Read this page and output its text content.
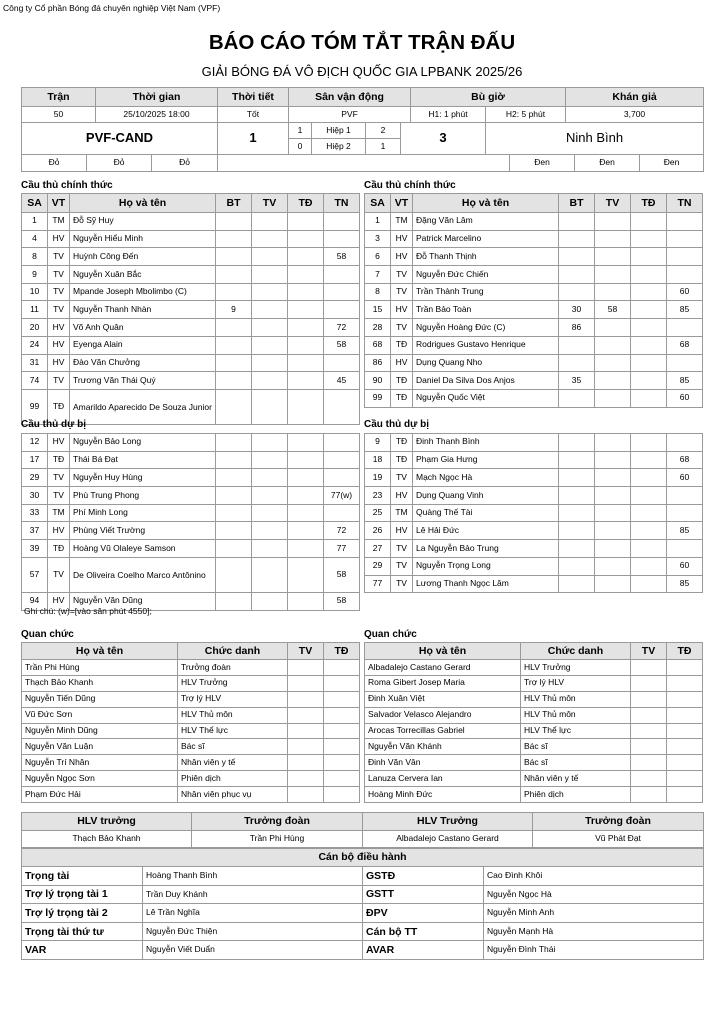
Công ty Cổ phần Bóng đá chuyên nghiệp Việt Nam (VPF)
BÁO CÁO TÓM TẮT TRẬN ĐẤU
GIẢI BÓNG ĐÁ VÔ ĐỊCH QUỐC GIA LPBANK 2025/26
Trận	Thời gian	Thời tiết	Sân vận động				Bù giờ		Khán giả
50	25/10/2025 18:00	Tốt	PVF				H1: 1 phút	H2: 5 phút	3,700
PVF-CAND		1	1	Hiệp 1	2	3		Ninh Bình	
			0	Hiệp 2	1				
Đỏ	Đỏ	Đỏ		Đen	Đen	Đen
Cầu thủ chính thức	Cầu thủ chính thức
SA	VT	Họ và tên	BT	TV	TĐ	TN
1	TM	Đỗ Sỹ Huy				
4	HV	Nguyễn Hiểu Minh				
8	TV	Huỳnh Công Đến				58
9	TV	Nguyễn Xuân Bắc				
10	TV	Mpande Joseph Mbolimbo (C)				
11	TV	Nguyễn Thanh Nhàn	9			
20	HV	Võ Anh Quân				72
24	HV	Eyenga Alain				58
31	HV	Đào Văn Chưởng				
74	TV	Trương Văn Thái Quý				45
99	TĐ	Amarildo Aparecido De Souza Junior				
SA	VT	Họ và tên	BT	TV	TĐ	TN
1	TM	Đặng Văn Lâm				
3	HV	Patrick Marcelino				
6	HV	Đỗ Thanh Thịnh				
7	TV	Nguyễn Đức Chiến				
8	TV	Trần Thành Trung				60
15	HV	Trần Bảo Toàn	30	58		85
28	TV	Nguyễn Hoàng Đức (C)	86			
68	TĐ	Rodrigues Gustavo Henrique				68
86	HV	Dụng Quang Nho				
90	TĐ	Daniel Da Silva Dos Anjos	35			85
99	TĐ	Nguyễn Quốc Việt				60
Cầu thủ dự bị	Cầu thủ dự bị
12	HV	Nguyễn Bảo Long				
17	TĐ	Thái Bá Đạt				
29	TV	Nguyễn Huy Hùng				
30	TV	Phù Trung Phong				77(w)
33	TM	Phí Minh Long				
37	HV	Phùng Viết Trường				72
39	TĐ	Hoàng Vũ Olaleye Samson				77
57	TV	De Oliveira Coelho Marco Antônino				58
94	HV	Nguyễn Văn Dũng				58
9	TĐ	Đinh Thanh Bình				
18	TĐ	Phạm Gia Hưng				68
19	TV	Mạch Ngọc Hà				60
23	HV	Dụng Quang Vinh				
25	TM	Quàng Thế Tài				
26	HV	Lê Hải Đức				85
27	TV	La Nguyễn Bảo Trung				
29	TV	Nguyễn Trọng Long				60
77	TV	Lương Thanh Ngọc Lâm				85
Ghi chú: (w)=[vào sân phút 4550];
Quan chức	Quan chức
Họ và tên	Chức danh	TV	TĐ
Trần Phi Hùng	Trưởng đoàn		
Thạch Bảo Khanh	HLV Trưởng		
Nguyễn Tiến Dũng	Trợ lý HLV		
Vũ Đức Sơn	HLV Thủ môn		
Nguyễn Minh Dũng	HLV Thể lực		
Nguyễn Văn Luận	Bác sĩ		
Nguyễn Trí Nhân	Nhân viên y tế		
Nguyễn Ngọc Sơn	Phiên dịch		
Phạm Đức Hải	Nhân viên phục vụ		
Họ và tên	Chức danh	TV	TĐ
Albadalejo Castano Gerard	HLV Trưởng		
Roma Gibert Josep Maria	Trợ lý HLV		
Đinh Xuân Việt	HLV Thủ môn		
Salvador Velasco Alejandro	HLV Thủ môn		
Arocas Torrecillas Gabriel	HLV Thể lực		
Nguyễn Văn Khánh	Bác sĩ		
Đinh Văn Vân	Bác sĩ		
Lanuza Cervera Ian	Nhân viên y tế		
Hoàng Minh Đức	Phiên dịch		
HLV trưởng	Trưởng đoàn	HLV Trưởng	Trưởng đoàn
Thạch Bảo Khanh	Trần Phi Hùng	Albadalejo Castano Gerard	Vũ Phát Đạt
Cán bộ điều hành			
Trọng tài	Hoàng Thanh Bình	GSTĐ	Cao Đình Khôi
Trợ lý trọng tài 1	Trần Duy Khánh	GSTT	Nguyễn Ngọc Hà
Trợ lý trọng tài 2	Lê Trần Nghĩa	ĐPV	Nguyễn Minh Anh
Trọng tài thứ tư	Nguyễn Đức Thiện	Cán bộ TT	Nguyễn Mạnh Hà
VAR	Nguyễn Viết Duẩn	AVAR	Nguyễn Đình Thái
